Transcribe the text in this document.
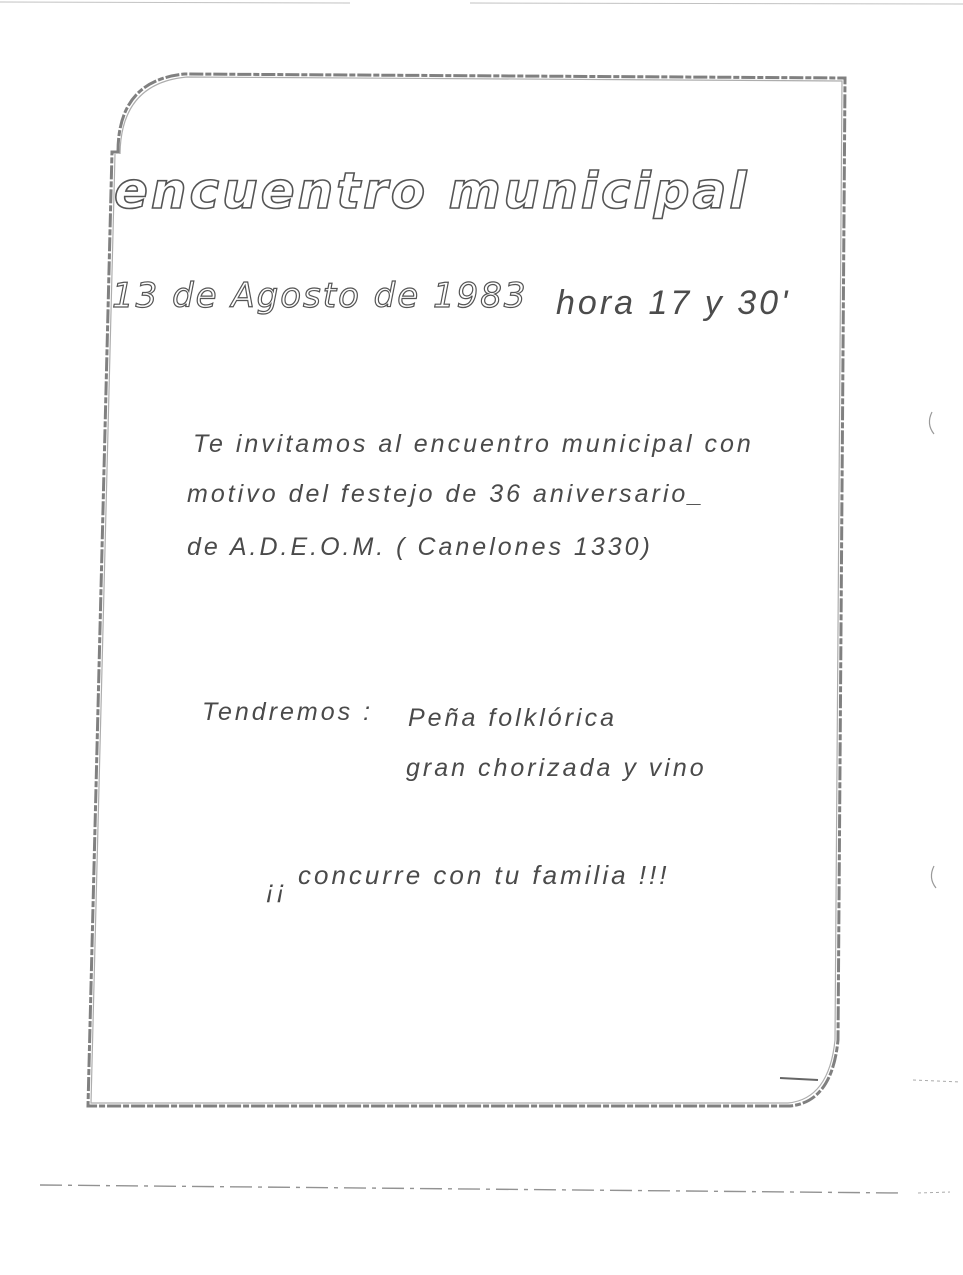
encuentro municipal
13 de Agosto de 1983 hora 17 y 30'
Te invitamos al encuentro municipal con
motivo del festejo de 36 aniversario_
de A.D.E.O.M. ( Canelones 1330)
Tendremos : Peña folklórica
gran chorizada y vino
¡¡ concurre con tu familia !!!
